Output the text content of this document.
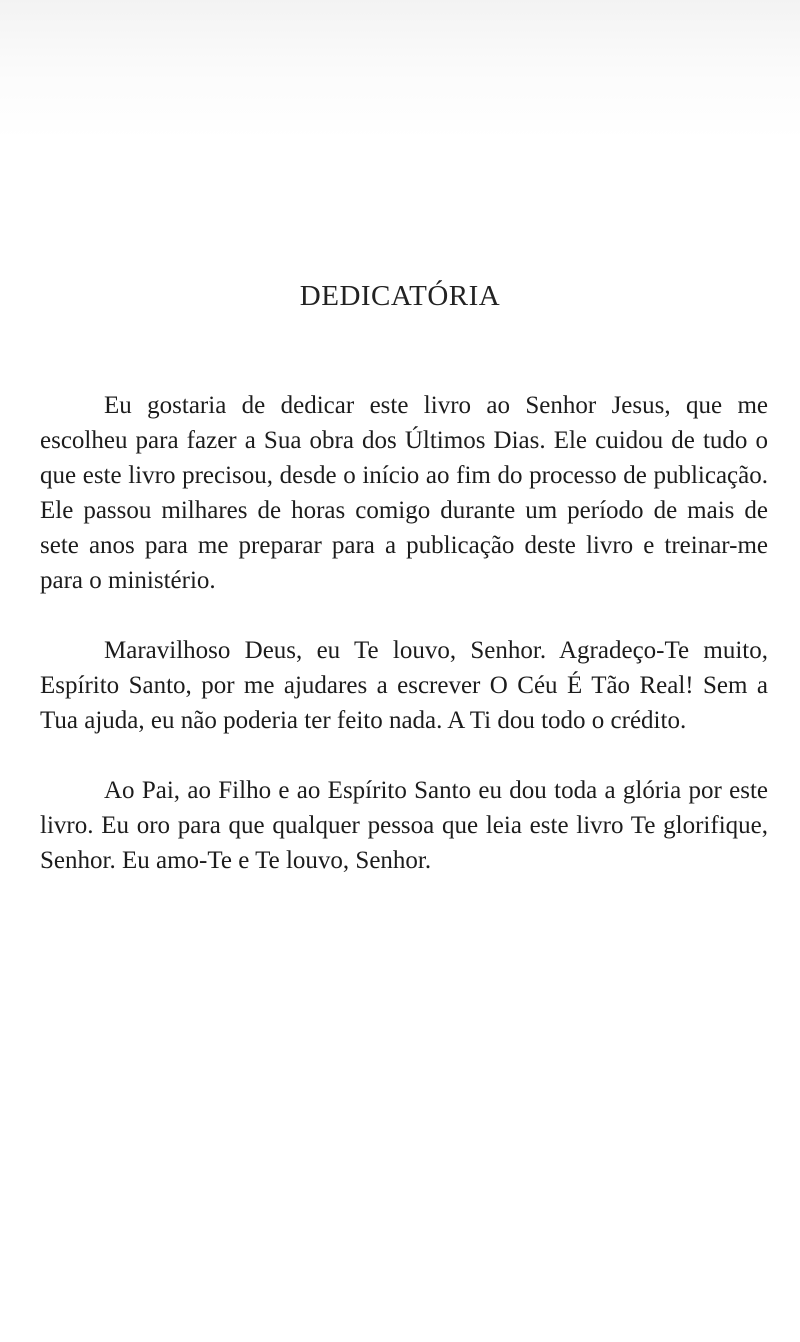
DEDICATÓRIA

Eu gostaria de dedicar este livro ao Senhor Jesus, que me escolheu para fazer a Sua obra dos Últimos Dias. Ele cuidou de tudo o que este livro precisou, desde o início ao fim do processo de publicação. Ele passou milhares de horas comigo durante um período de mais de sete anos para me preparar para a publicação deste livro e treinar-me para o ministério.

Maravilhoso Deus, eu Te louvo, Senhor. Agradeço-Te muito, Espírito Santo, por me ajudares a escrever O Céu É Tão Real! Sem a Tua ajuda, eu não poderia ter feito nada. A Ti dou todo o crédito.

Ao Pai, ao Filho e ao Espírito Santo eu dou toda a glória por este livro. Eu oro para que qualquer pessoa que leia este livro Te glorifique, Senhor. Eu amo-Te e Te louvo, Senhor.
